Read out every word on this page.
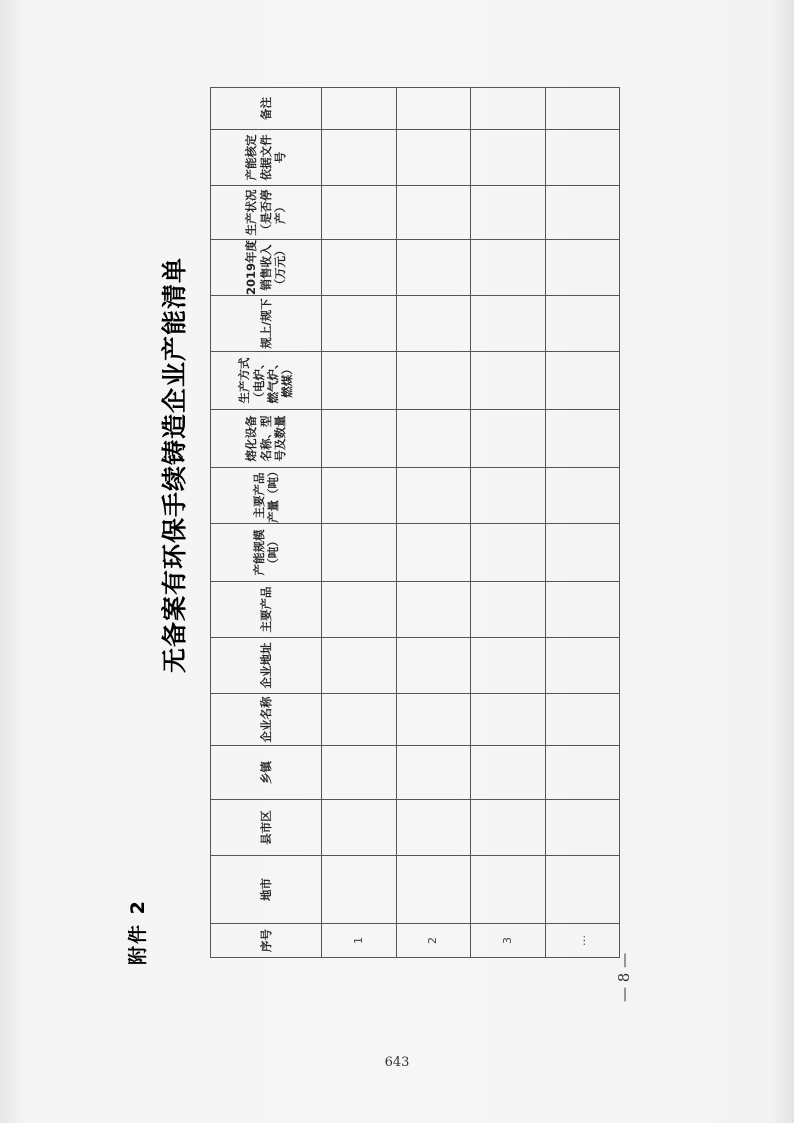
附件 2
无备案有环保手续铸造企业产能清单
序号	地市	县市区	乡镇	企业名称	企业地址	主要产品	产能规模（吨）	主要产品产量（吨）	熔化设备名称、型号及数量	生产方式（电炉、燃气炉、燃煤）	规上/规下	2019年度销售收入（万元）	生产状况（是否停产）	产能核定依据文件号	备注
1															
2															
3															
…															
— 8 —
643
